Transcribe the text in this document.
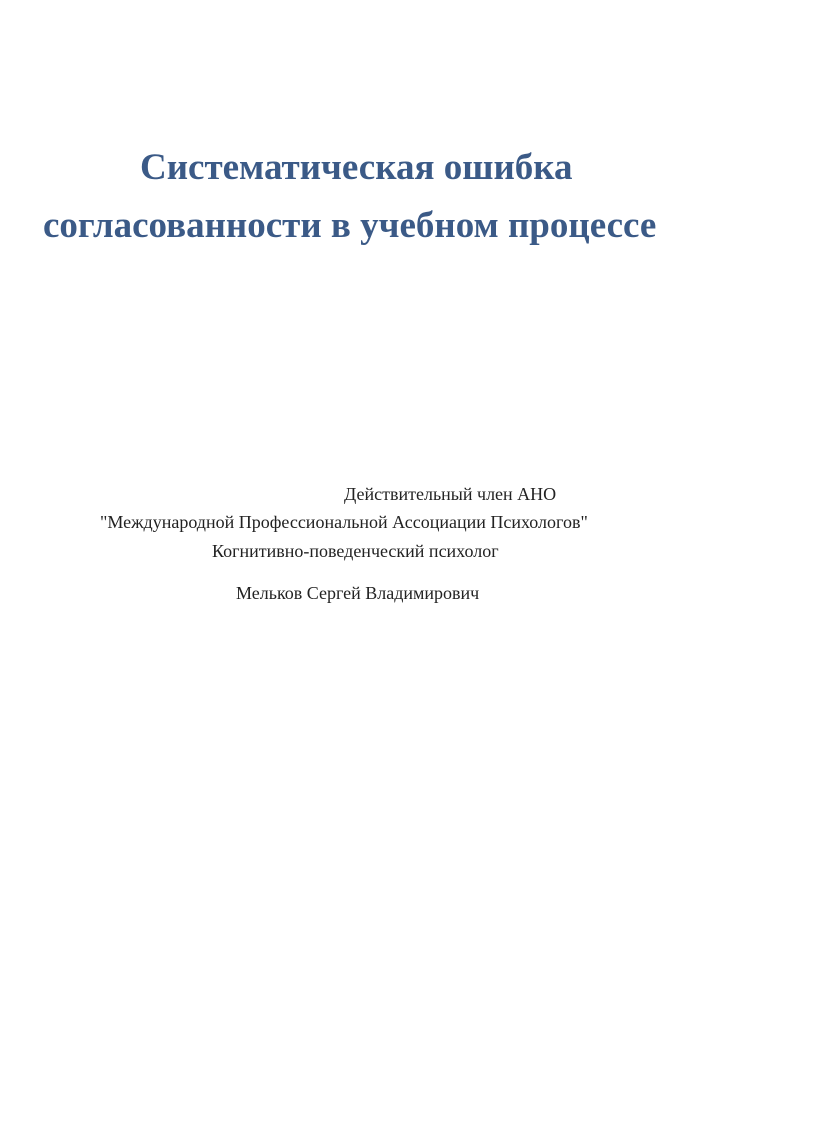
Систематическая ошибка
согласованности в учебном процессе

Действительный член АНО

"Международной Профессиональной Ассоциации Психологов"

Когнитивно-поведенческий психолог

Мельков Сергей Владимирович
